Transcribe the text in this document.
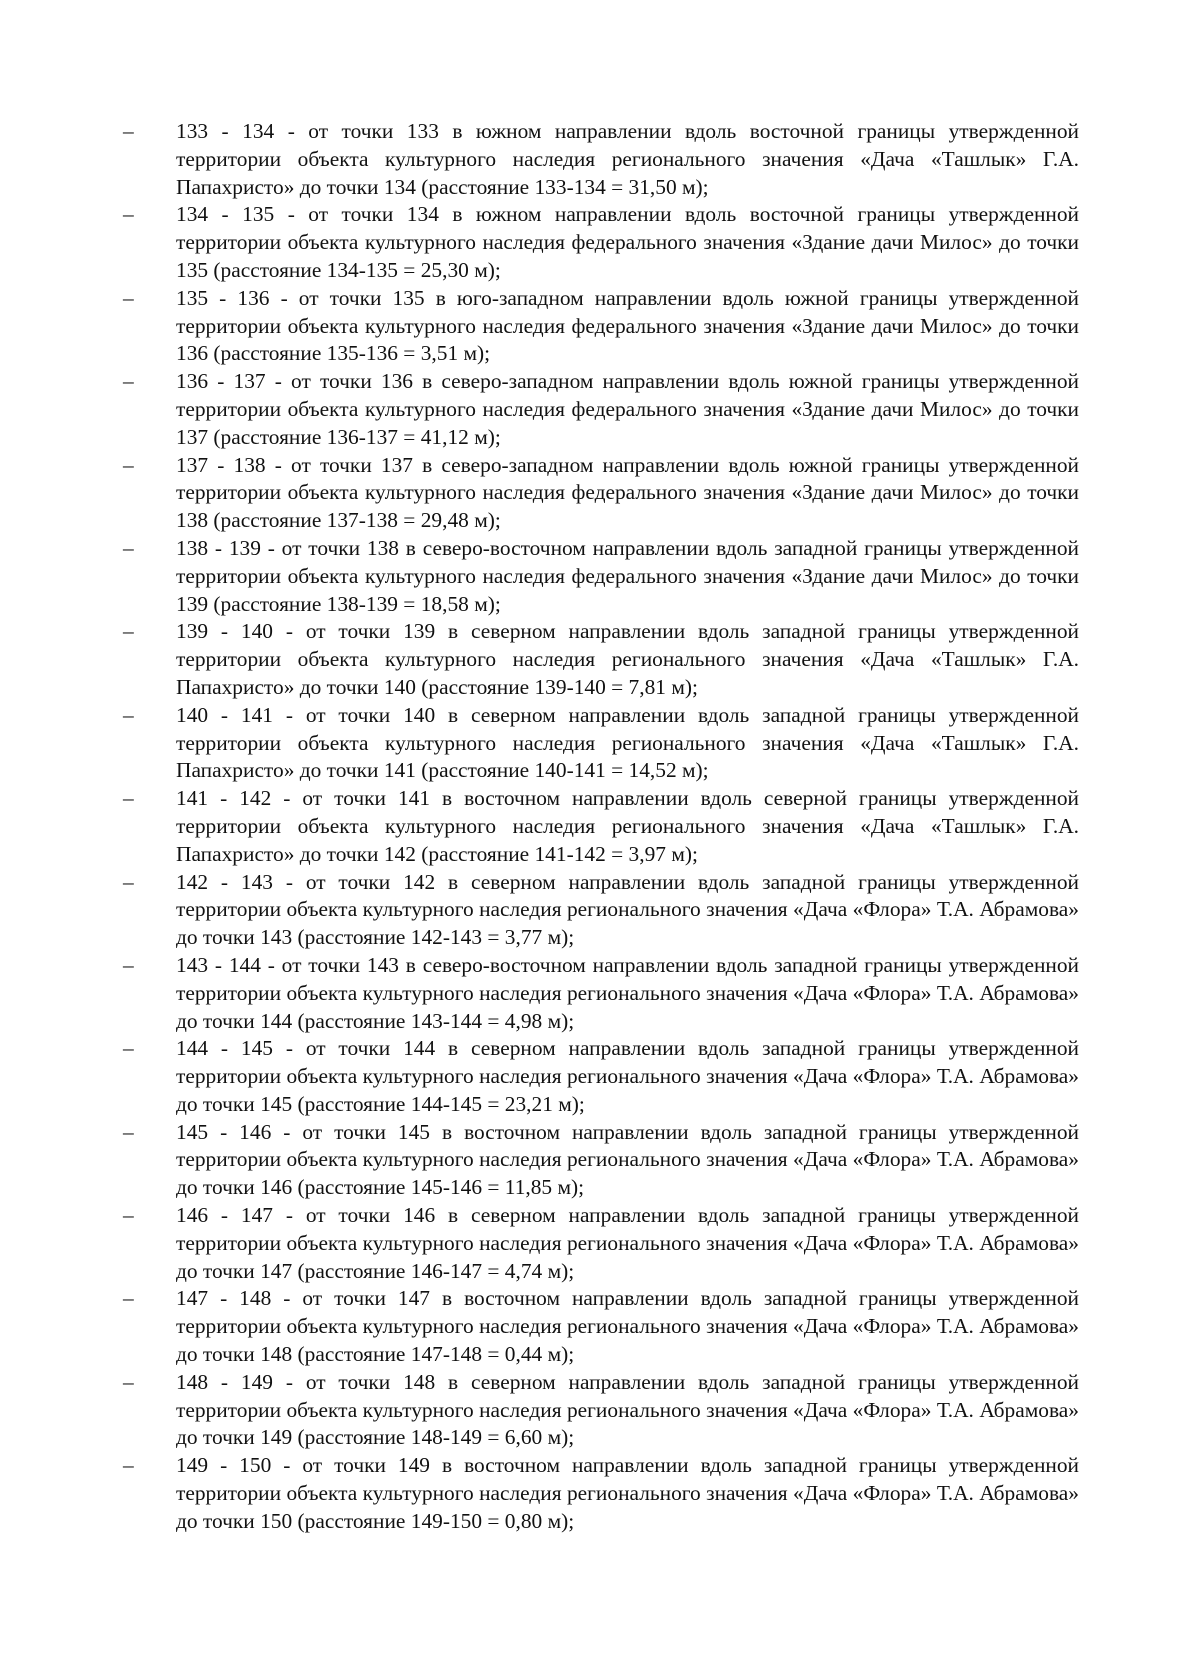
–	133 - 134 - от точки 133 в южном направлении вдоль восточной границы утвержденной территории объекта культурного наследия регионального значения «Дача «Ташлык» Г.А. Папахристо» до точки 134 (расстояние 133-134 = 31,50 м);
–	134 - 135 - от точки 134 в южном направлении вдоль восточной границы утвержденной территории объекта культурного наследия федерального значения «Здание дачи Милос» до точки 135 (расстояние 134-135 = 25,30 м);
–	135 - 136 - от точки 135 в юго-западном направлении вдоль южной границы утвержденной территории объекта культурного наследия федерального значения «Здание дачи Милос» до точки 136 (расстояние 135-136 = 3,51 м);
–	136 - 137 - от точки 136 в северо-западном направлении вдоль южной границы утвержденной территории объекта культурного наследия федерального значения «Здание дачи Милос» до точки 137 (расстояние 136-137 = 41,12 м);
–	137 - 138 - от точки 137 в северо-западном направлении вдоль южной границы утвержденной территории объекта культурного наследия федерального значения «Здание дачи Милос» до точки 138 (расстояние 137-138 = 29,48 м);
–	138 - 139 - от точки 138 в северо-восточном направлении вдоль западной границы утвержденной территории объекта культурного наследия федерального значения «Здание дачи Милос» до точки 139 (расстояние 138-139 = 18,58 м);
–	139 - 140 - от точки 139 в северном направлении вдоль западной границы утвержденной территории объекта культурного наследия регионального значения «Дача «Ташлык» Г.А. Папахристо» до точки 140 (расстояние 139-140 = 7,81 м);
–	140 - 141 - от точки 140 в северном направлении вдоль западной границы утвержденной территории объекта культурного наследия регионального значения «Дача «Ташлык» Г.А. Папахристо» до точки 141 (расстояние 140-141 = 14,52 м);
–	141 - 142 - от точки 141 в восточном направлении вдоль северной границы утвержденной территории объекта культурного наследия регионального значения «Дача «Ташлык» Г.А. Папахристо» до точки 142 (расстояние 141-142 = 3,97 м);
–	142 - 143 - от точки 142 в северном направлении вдоль западной границы утвержденной территории объекта культурного наследия регионального значения «Дача «Флора» Т.А. Абрамова» до точки 143 (расстояние 142-143 = 3,77 м);
–	143 - 144 - от точки 143 в северо-восточном направлении вдоль западной границы утвержденной территории объекта культурного наследия регионального значения «Дача «Флора» Т.А. Абрамова» до точки 144 (расстояние 143-144 = 4,98 м);
–	144 - 145 - от точки 144 в северном направлении вдоль западной границы утвержденной территории объекта культурного наследия регионального значения «Дача «Флора» Т.А. Абрамова» до точки 145 (расстояние 144-145 = 23,21 м);
–	145 - 146 - от точки 145 в восточном направлении вдоль западной границы утвержденной территории объекта культурного наследия регионального значения «Дача «Флора» Т.А. Абрамова» до точки 146 (расстояние 145-146 = 11,85 м);
–	146 - 147 - от точки 146 в северном направлении вдоль западной границы утвержденной территории объекта культурного наследия регионального значения «Дача «Флора» Т.А. Абрамова» до точки 147 (расстояние 146-147 = 4,74 м);
–	147 - 148 - от точки 147 в восточном направлении вдоль западной границы утвержденной территории объекта культурного наследия регионального значения «Дача «Флора» Т.А. Абрамова» до точки 148 (расстояние 147-148 = 0,44 м);
–	148 - 149 - от точки 148 в северном направлении вдоль западной границы утвержденной территории объекта культурного наследия регионального значения «Дача «Флора» Т.А. Абрамова» до точки 149 (расстояние 148-149 = 6,60 м);
–	149 - 150 - от точки 149 в восточном направлении вдоль западной границы утвержденной территории объекта культурного наследия регионального значения «Дача «Флора» Т.А. Абрамова» до точки 150 (расстояние 149-150 = 0,80 м);
